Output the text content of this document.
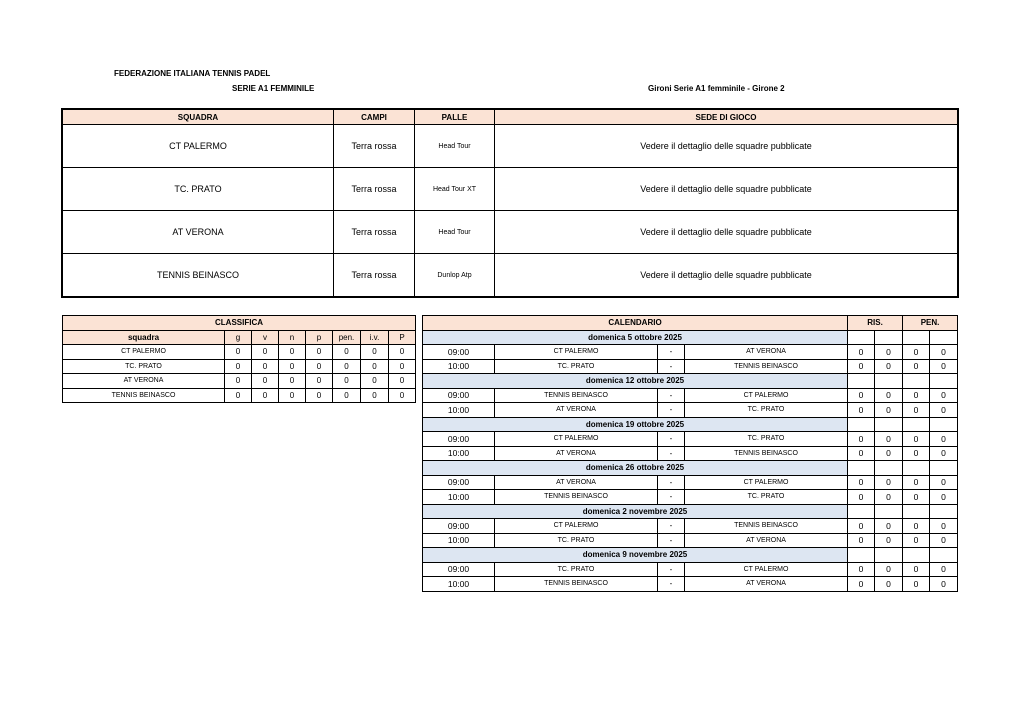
FEDERAZIONE ITALIANA TENNIS PADEL
SERIE A1 FEMMINILE	Gironi Serie A1 femminile - Girone 2
SQUADRA	CAMPI	PALLE	SEDE DI GIOCO
CT PALERMO	Terra rossa	Head Tour	Vedere il dettaglio delle squadre pubblicate
TC. PRATO	Terra rossa	Head Tour XT	Vedere il dettaglio delle squadre pubblicate
AT VERONA	Terra rossa	Head Tour	Vedere il dettaglio delle squadre pubblicate
TENNIS BEINASCO	Terra rossa	Dunlop Atp	Vedere il dettaglio delle squadre pubblicate
CLASSIFICA							
squadra	g	v	n	p	pen.	i.v.	P
CT PALERMO	0	0	0	0	0	0	0
TC. PRATO	0	0	0	0	0	0	0
AT VERONA	0	0	0	0	0	0	0
TENNIS BEINASCO	0	0	0	0	0	0	0
CALENDARIO				RIS.		PEN.	
domenica 5 ottobre 2025							
09:00	CT PALERMO	-	AT VERONA	0	0	0	0
10:00	TC. PRATO	-	TENNIS BEINASCO	0	0	0	0
domenica 12 ottobre 2025							
09:00	TENNIS BEINASCO	-	CT PALERMO	0	0	0	0
10:00	AT VERONA	-	TC. PRATO	0	0	0	0
domenica 19 ottobre 2025							
09:00	CT PALERMO	-	TC. PRATO	0	0	0	0
10:00	AT VERONA	-	TENNIS BEINASCO	0	0	0	0
domenica 26 ottobre 2025							
09:00	AT VERONA	-	CT PALERMO	0	0	0	0
10:00	TENNIS BEINASCO	-	TC. PRATO	0	0	0	0
domenica 2 novembre 2025							
09:00	CT PALERMO	-	TENNIS BEINASCO	0	0	0	0
10:00	TC. PRATO	-	AT VERONA	0	0	0	0
domenica 9 novembre 2025							
09:00	TC. PRATO	-	CT PALERMO	0	0	0	0
10:00	TENNIS BEINASCO	-	AT VERONA	0	0	0	0
